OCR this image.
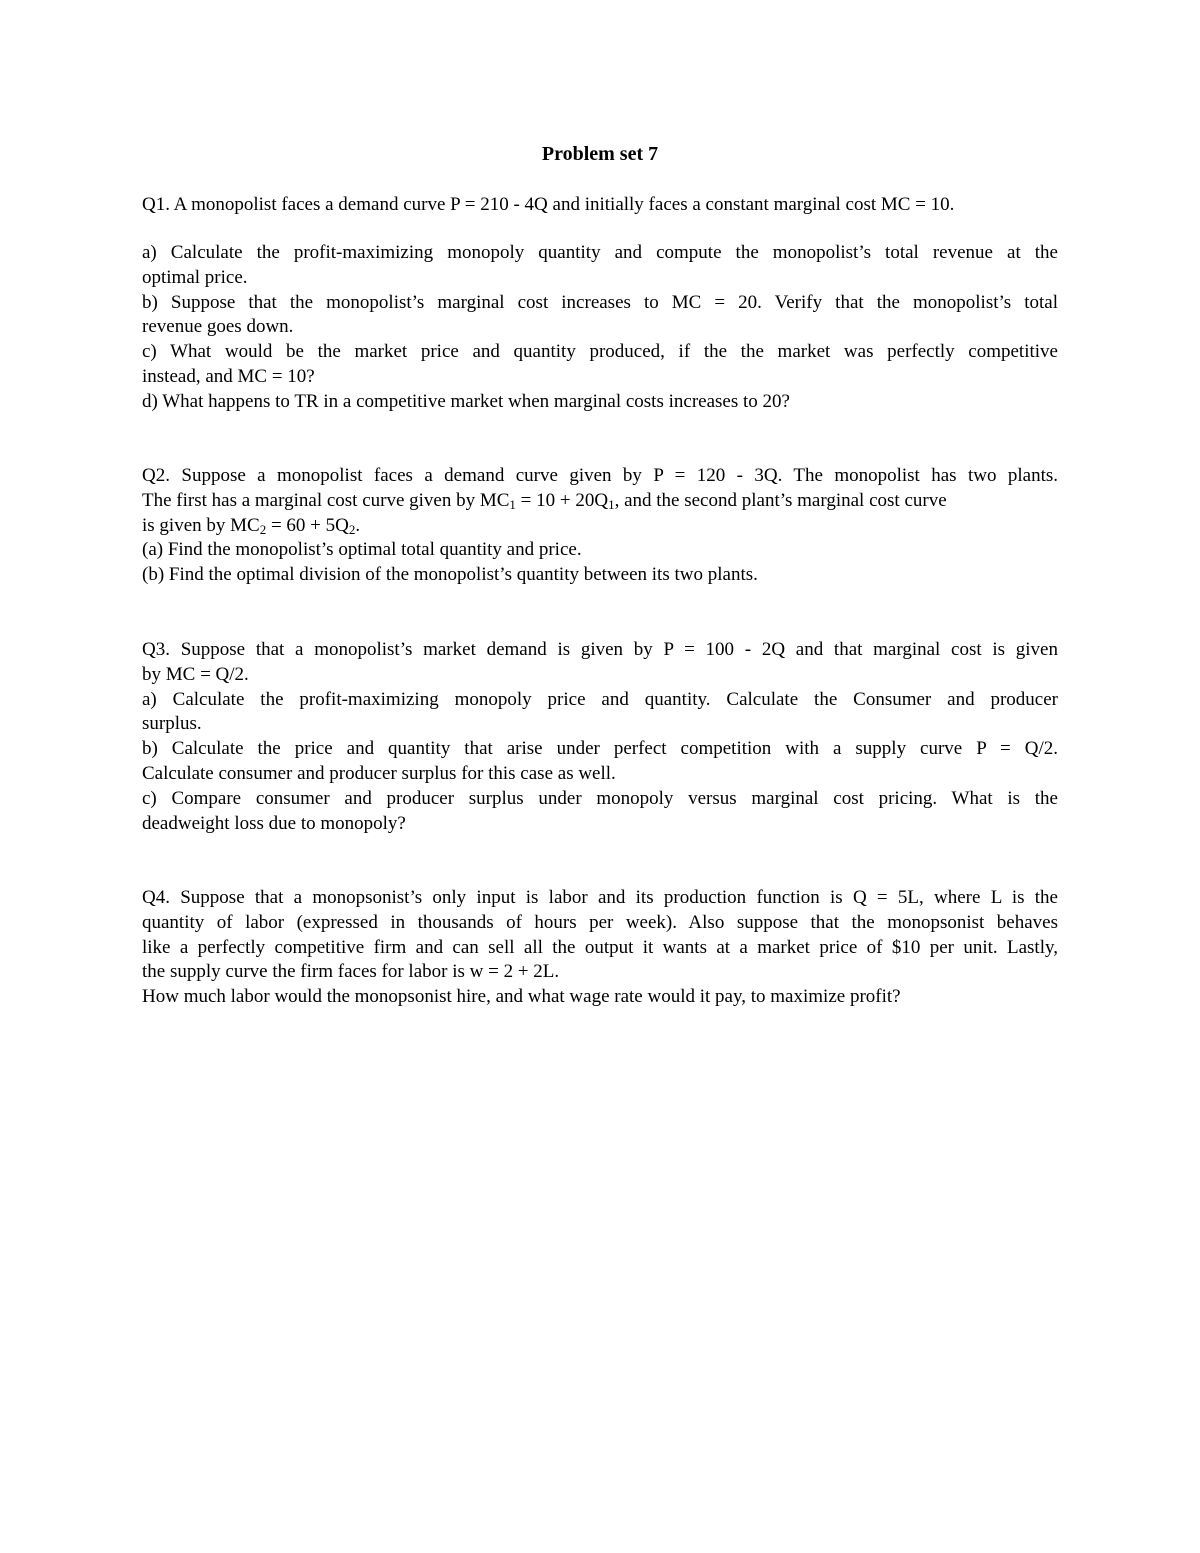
Problem set 7
Q1. A monopolist faces a demand curve P = 210 - 4Q and initially faces a constant marginal cost MC = 10.
a) Calculate the profit-maximizing monopoly quantity and compute the monopolist’s total revenue at the
optimal price.
b) Suppose that the monopolist’s marginal cost increases to MC = 20. Verify that the monopolist’s total
revenue goes down.
c) What would be the market price and quantity produced, if the the market was perfectly competitive
instead, and MC = 10?
d) What happens to TR in a competitive market when marginal costs increases to 20?
Q2. Suppose a monopolist faces a demand curve given by P = 120 - 3Q. The monopolist has two plants.
The first has a marginal cost curve given by $MC_1 = 10 + 20Q_1$, and the second plant’s marginal cost curve
is given by $MC_2 = 60 + 5Q_2$.
(a) Find the monopolist’s optimal total quantity and price.
(b) Find the optimal division of the monopolist’s quantity between its two plants.
Q3. Suppose that a monopolist’s market demand is given by P = 100 - 2Q and that marginal cost is given
by MC = Q/2.
a) Calculate the profit-maximizing monopoly price and quantity. Calculate the Consumer and producer
surplus.
b) Calculate the price and quantity that arise under perfect competition with a supply curve P = Q/2.
Calculate consumer and producer surplus for this case as well.
c) Compare consumer and producer surplus under monopoly versus marginal cost pricing. What is the
deadweight loss due to monopoly?
Q4. Suppose that a monopsonist’s only input is labor and its production function is Q = 5L, where L is the
quantity of labor (expressed in thousands of hours per week). Also suppose that the monopsonist behaves
like a perfectly competitive firm and can sell all the output it wants at a market price of $10 per unit. Lastly,
the supply curve the firm faces for labor is w = 2 + 2L.
How much labor would the monopsonist hire, and what wage rate would it pay, to maximize profit?
